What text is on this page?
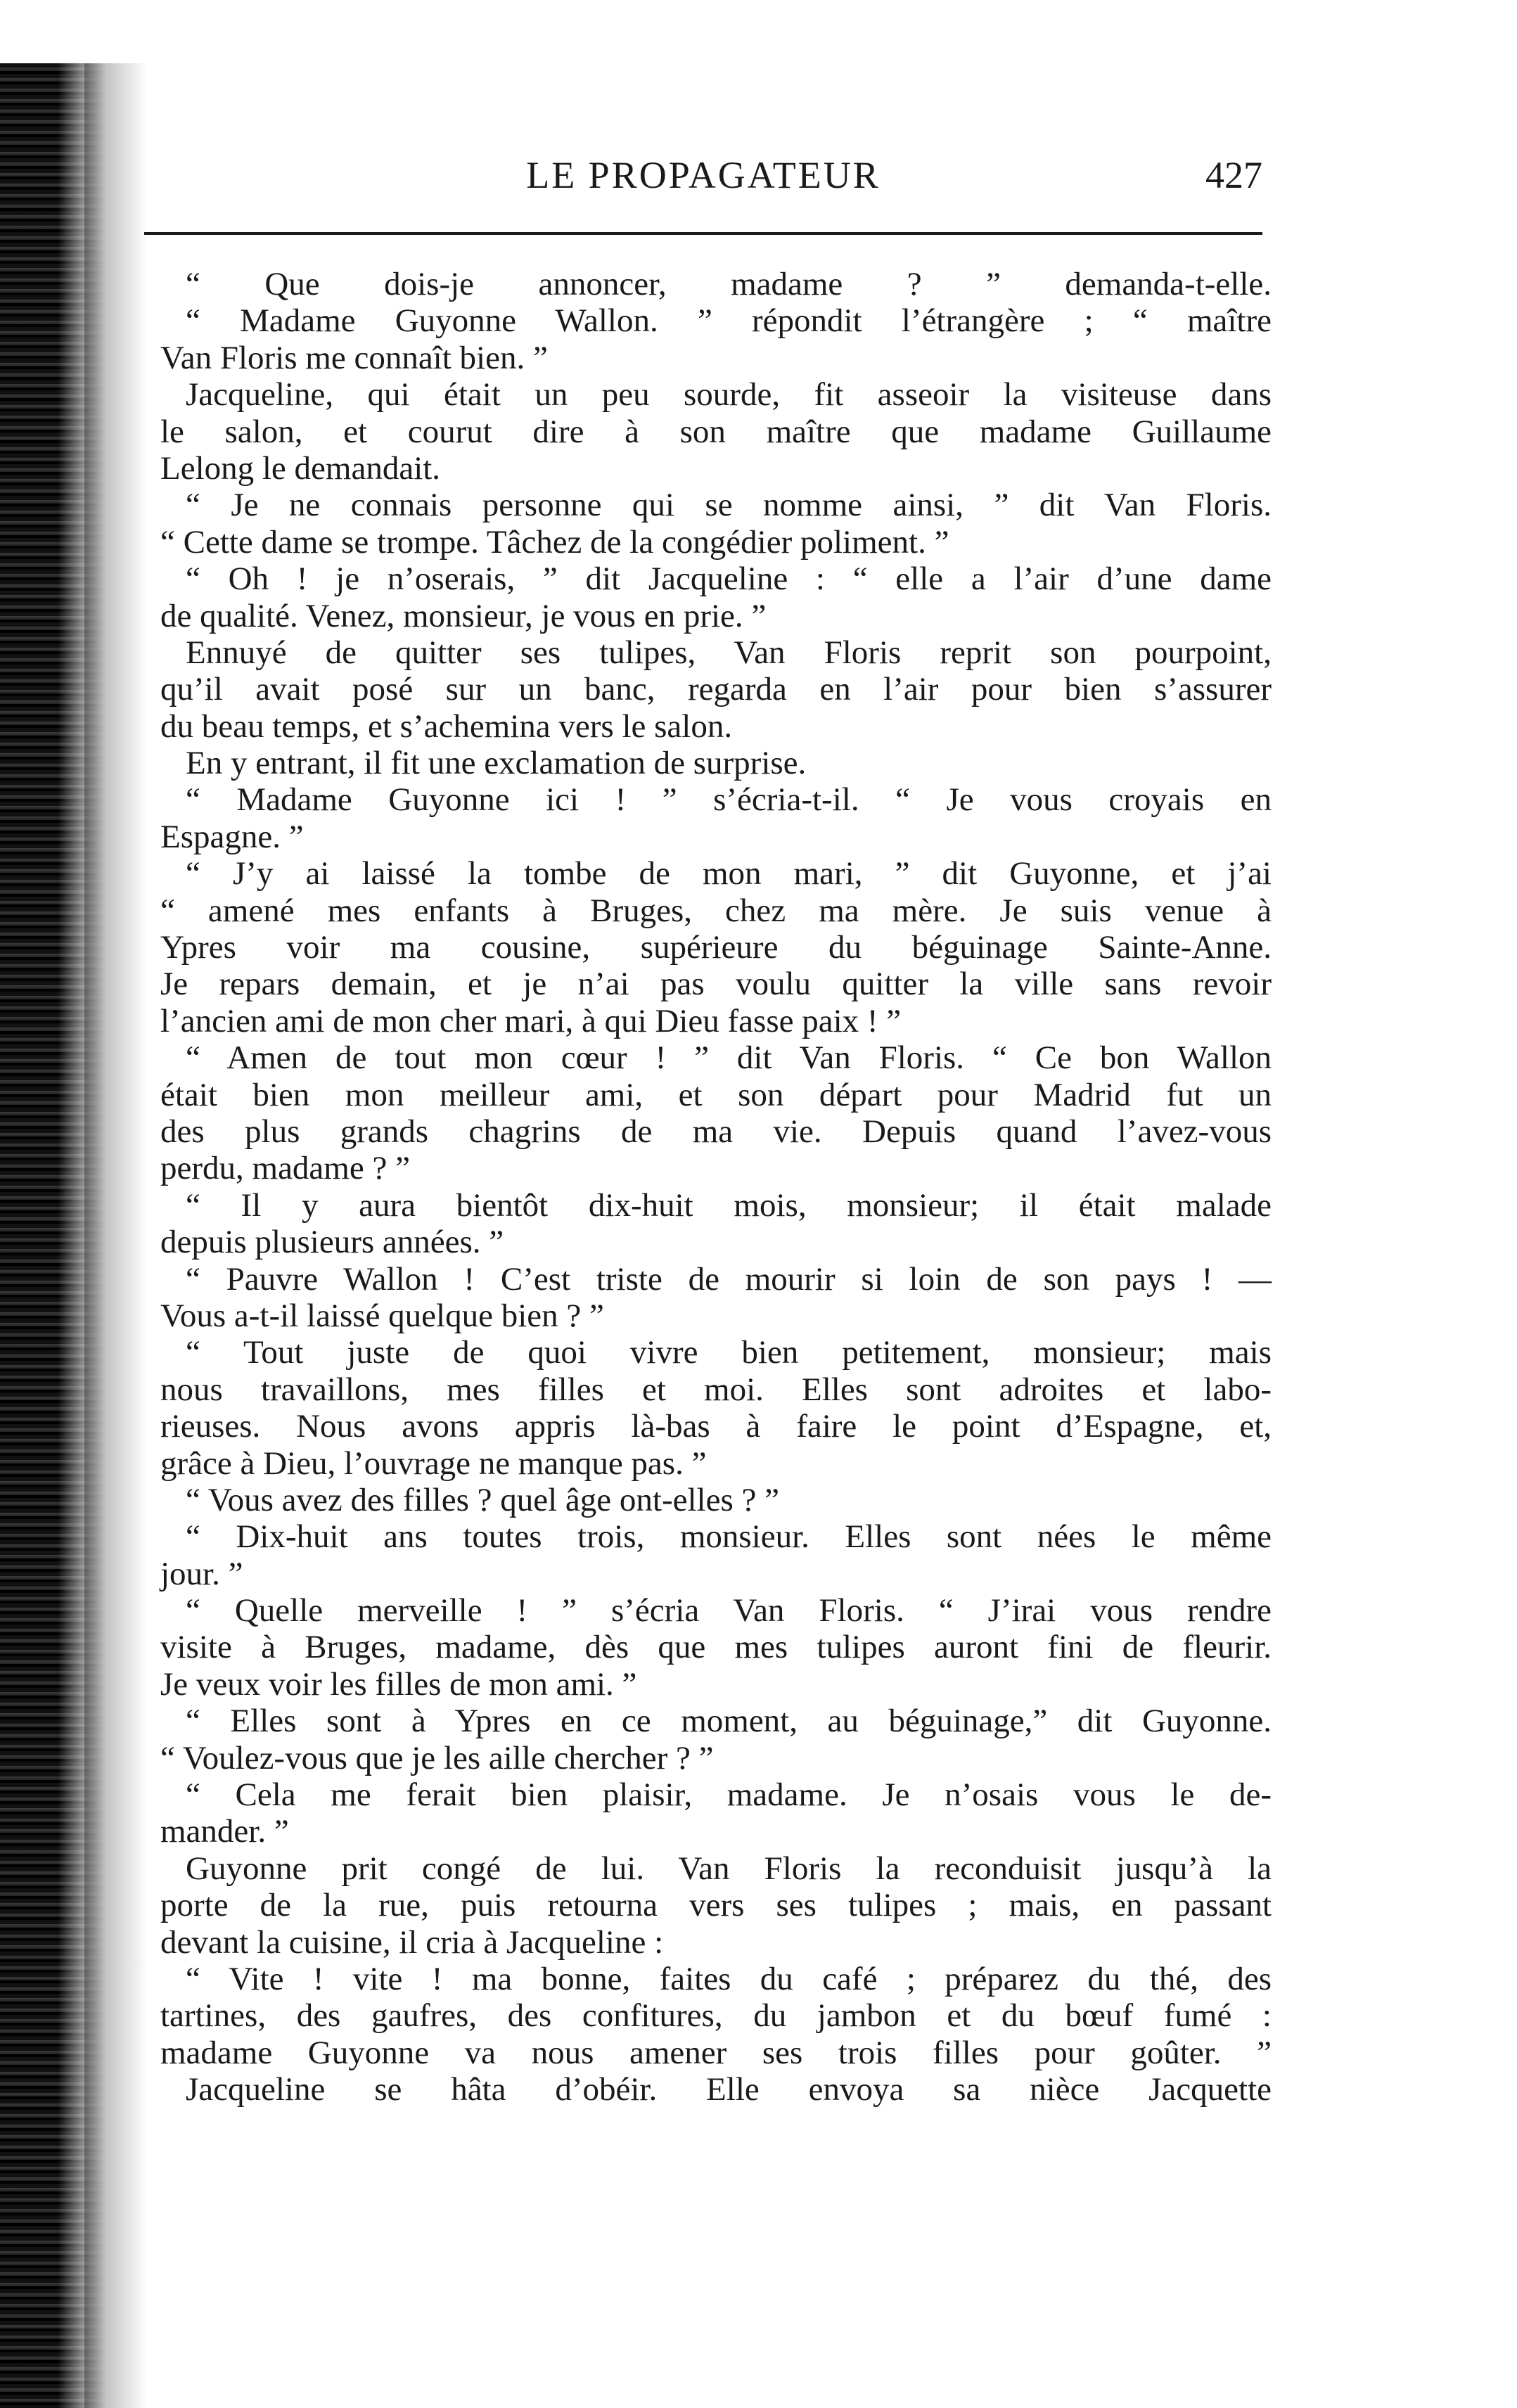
LE PROPAGATEUR	427
“ Que dois-je annoncer, madame ? ” demanda-t-elle.
“ Madame Guyonne Wallon. ” répondit l’étrangère ; “ maître
Van Floris me connaît bien. ”
Jacqueline, qui était un peu sourde, fit asseoir la visiteuse dans
le salon, et courut dire à son maître que madame Guillaume
Lelong le demandait.
“ Je ne connais personne qui se nomme ainsi, ” dit Van Floris.
“ Cette dame se trompe. Tâchez de la congédier poliment. ”
“ Oh ! je n’oserais, ” dit Jacqueline : “ elle a l’air d’une dame
de qualité. Venez, monsieur, je vous en prie. ”
Ennuyé de quitter ses tulipes, Van Floris reprit son pourpoint,
qu’il avait posé sur un banc, regarda en l’air pour bien s’assurer
du beau temps, et s’achemina vers le salon.
En y entrant, il fit une exclamation de surprise.
“ Madame Guyonne ici ! ” s’écria-t-il. “ Je vous croyais en
Espagne. ”
“ J’y ai laissé la tombe de mon mari, ” dit Guyonne, et j’ai
“ amené mes enfants à Bruges, chez ma mère. Je suis venue à
Ypres voir ma cousine, supérieure du béguinage Sainte-Anne.
Je repars demain, et je n’ai pas voulu quitter la ville sans revoir
l’ancien ami de mon cher mari, à qui Dieu fasse paix ! ”
“ Amen de tout mon cœur ! ” dit Van Floris. “ Ce bon Wallon
était bien mon meilleur ami, et son départ pour Madrid fut un
des plus grands chagrins de ma vie. Depuis quand l’avez-vous
perdu, madame ? ”
“ Il y aura bientôt dix-huit mois, monsieur; il était malade
depuis plusieurs années. ”
“ Pauvre Wallon ! C’est triste de mourir si loin de son pays ! —
Vous a-t-il laissé quelque bien ? ”
“ Tout juste de quoi vivre bien petitement, monsieur; mais
nous travaillons, mes filles et moi. Elles sont adroites et labo-
rieuses. Nous avons appris là-bas à faire le point d’Espagne, et,
grâce à Dieu, l’ouvrage ne manque pas. ”
“ Vous avez des filles ? quel âge ont-elles ? ”
“ Dix-huit ans toutes trois, monsieur. Elles sont nées le même
jour. ”
“ Quelle merveille ! ” s’écria Van Floris. “ J’irai vous rendre
visite à Bruges, madame, dès que mes tulipes auront fini de fleurir.
Je veux voir les filles de mon ami. ”
“ Elles sont à Ypres en ce moment, au béguinage,” dit Guyonne.
“ Voulez-vous que je les aille chercher ? ”
“ Cela me ferait bien plaisir, madame. Je n’osais vous le de-
mander. ”
Guyonne prit congé de lui. Van Floris la reconduisit jusqu’à la
porte de la rue, puis retourna vers ses tulipes ; mais, en passant
devant la cuisine, il cria à Jacqueline :
“ Vite ! vite ! ma bonne, faites du café ; préparez du thé, des
tartines, des gaufres, des confitures, du jambon et du bœuf fumé :
madame Guyonne va nous amener ses trois filles pour goûter. ”
Jacqueline se hâta d’obéir. Elle envoya sa nièce Jacquette
